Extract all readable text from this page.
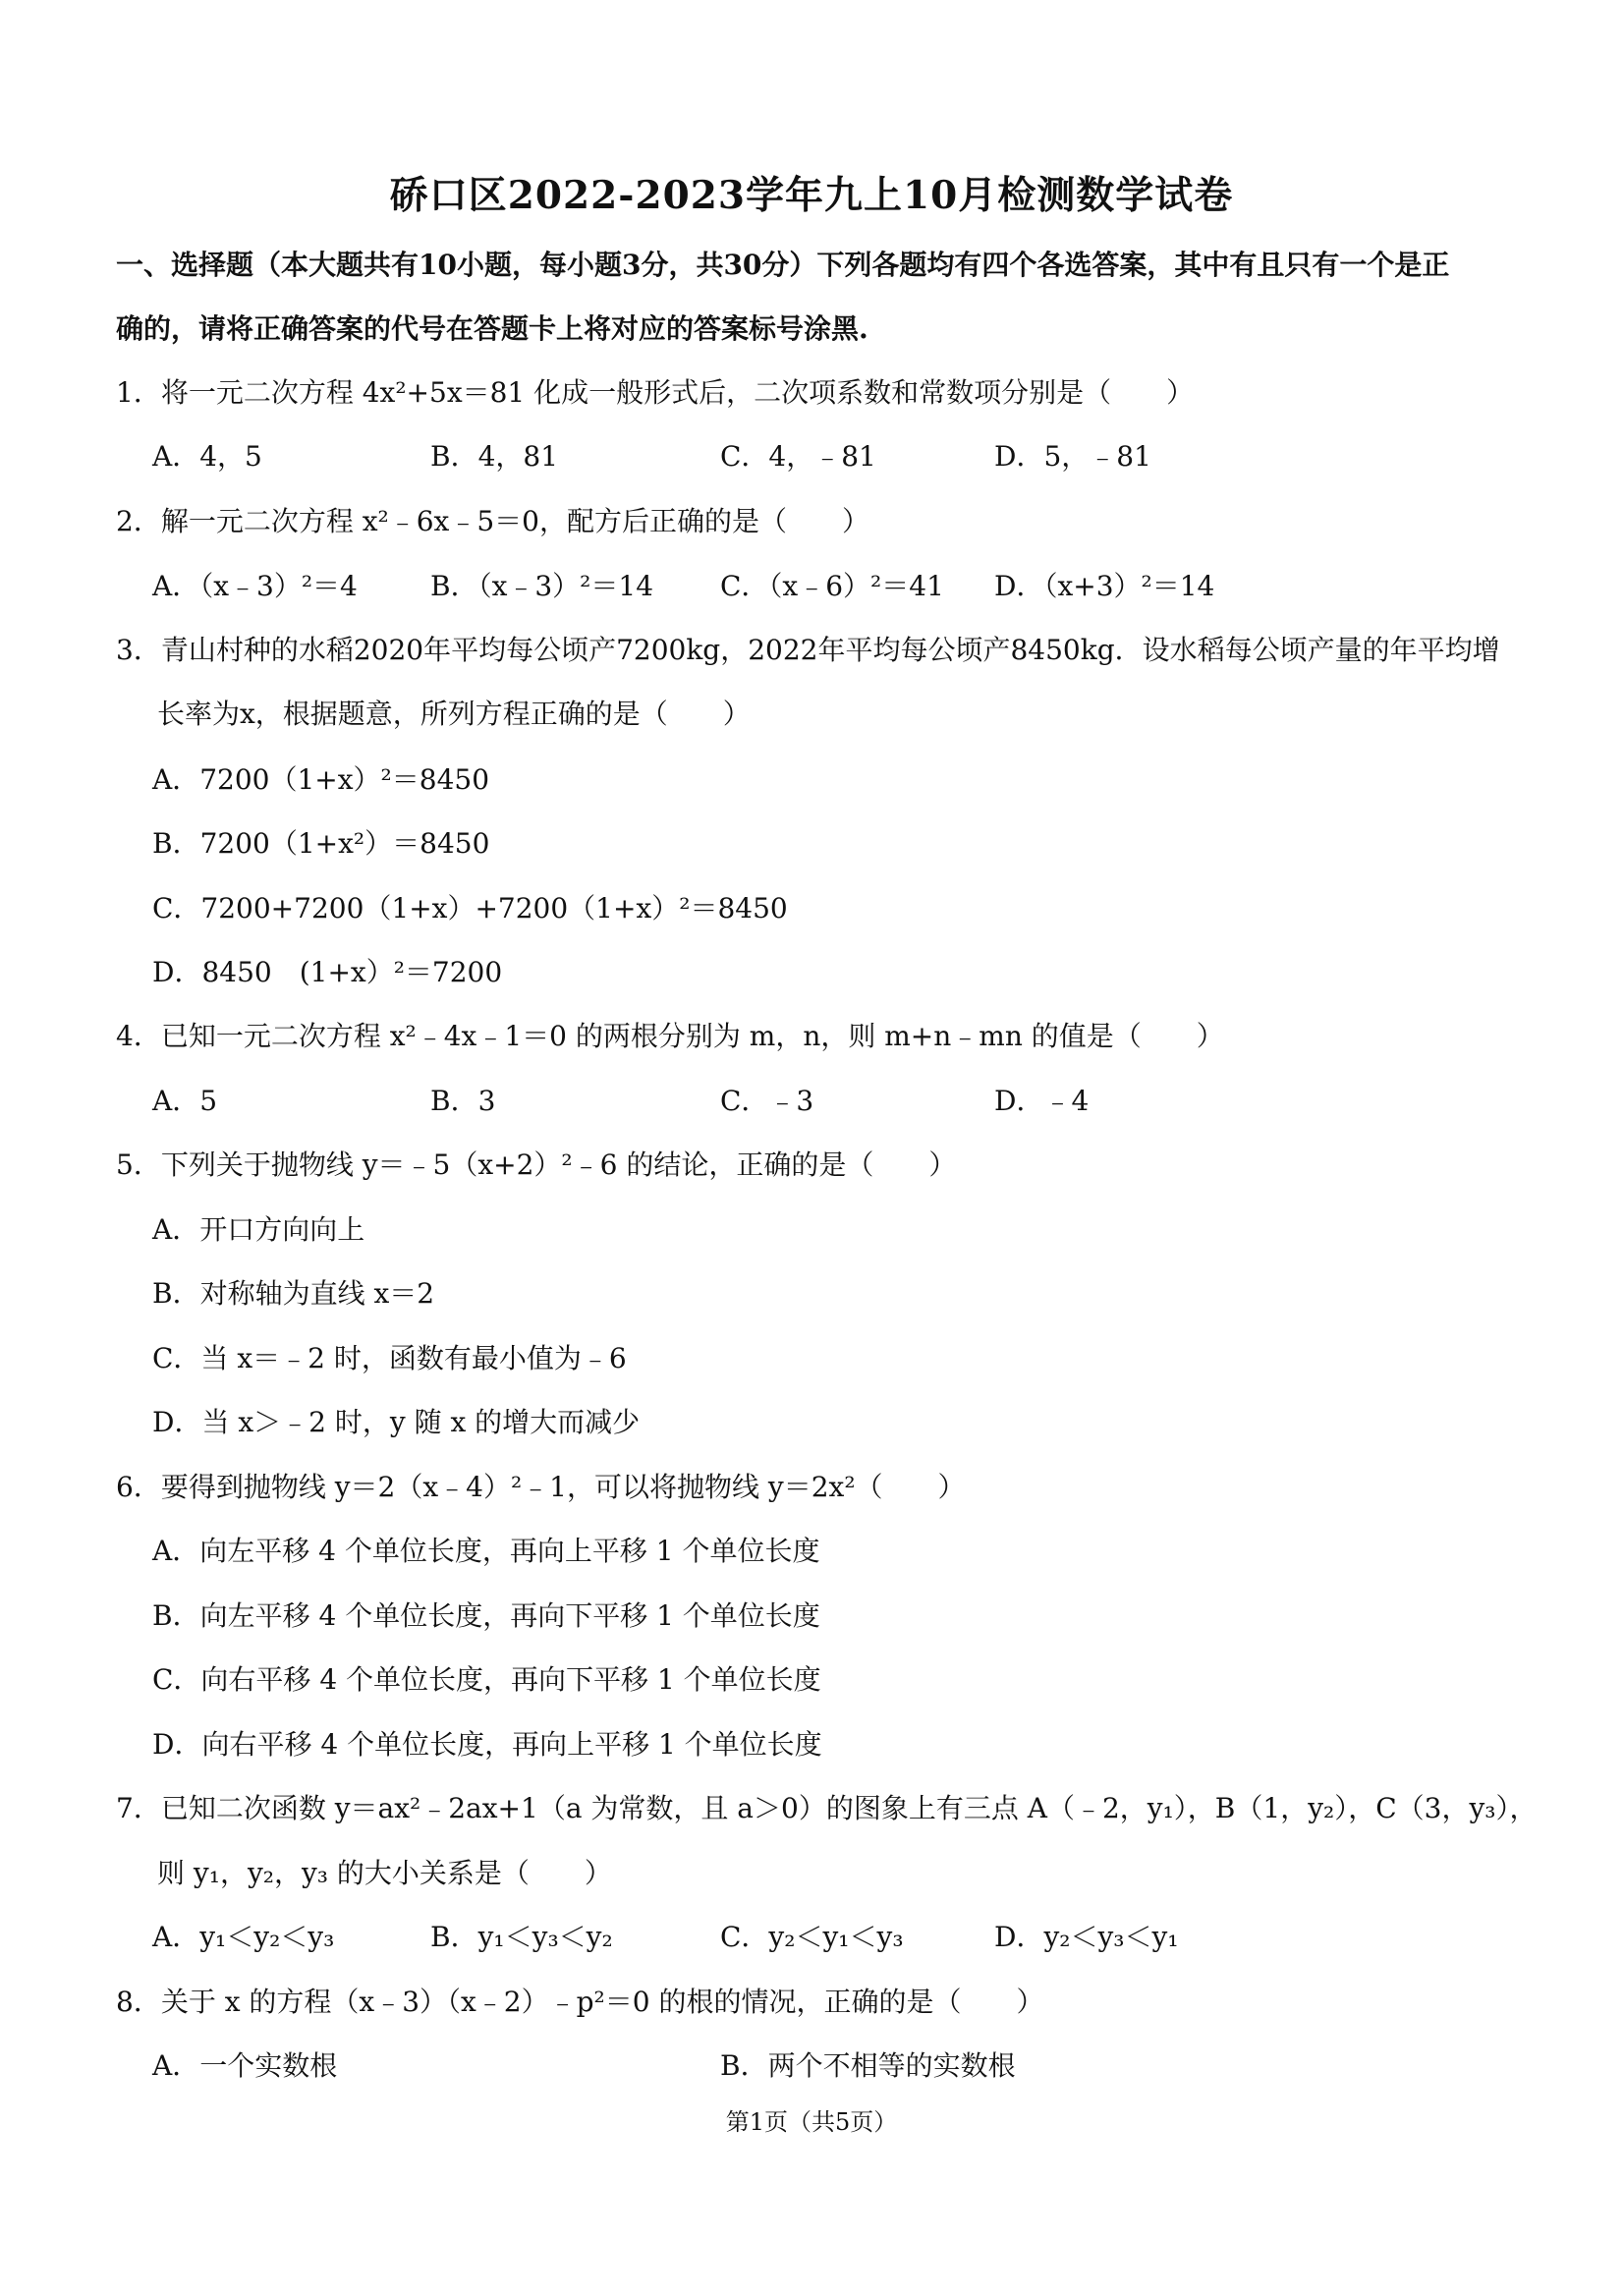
硚口区2022-2023学年九上10月检测数学试卷
一、选择题（本大题共有10小题，每小题3分，共30分）下列各题均有四个各选答案，其中有且只有一个是正
确的，请将正确答案的代号在答题卡上将对应的答案标号涂黑.
1．将一元二次方程 4x²+5x＝81 化成一般形式后，二次项系数和常数项分别是（　　）
A．4，5	B．4，81	C．4，﹣81	D．5，﹣81
2．解一元二次方程 x²﹣6x﹣5＝0，配方后正确的是（　　）
A．（x﹣3）²＝4	B．（x﹣3）²＝14 C．（x﹣6）²＝41 D．（x+3）²＝14
3．青山村种的水稻2020年平均每公顷产7200kg，2022年平均每公顷产8450kg．设水稻每公顷产量的年平均增
长率为x，根据题意，所列方程正确的是（　　）
A．7200（1+x）²＝8450
B．7200（1+x²）＝8450
C．7200+7200（1+x）+7200（1+x）²＝8450
D．8450　(1+x）²＝7200
4．已知一元二次方程 x²﹣4x﹣1＝0 的两根分别为 m，n，则 m+n﹣mn 的值是（　　）
A．5	B．3	C．﹣3	D．﹣4
5．下列关于抛物线 y＝﹣5（x+2）²﹣6 的结论，正确的是（　　）
A．开口方向向上
B．对称轴为直线 x＝2
C．当 x＝﹣2 时，函数有最小值为﹣6
D．当 x＞﹣2 时，y 随 x 的增大而减少
6．要得到抛物线 y＝2（x﹣4）²﹣1，可以将抛物线 y＝2x²（　　）
A．向左平移 4 个单位长度，再向上平移 1 个单位长度
B．向左平移 4 个单位长度，再向下平移 1 个单位长度
C．向右平移 4 个单位长度，再向下平移 1 个单位长度
D．向右平移 4 个单位长度，再向上平移 1 个单位长度
7．已知二次函数 y＝ax²﹣2ax+1（a 为常数，且 a＞0）的图象上有三点 A（﹣2，y₁），B（1，y₂），C（3，y₃），
则 y₁，y₂，y₃ 的大小关系是（　　）
A．y₁＜y₂＜y₃	B．y₁＜y₃＜y₂	C．y₂＜y₁＜y₃	D．y₂＜y₃＜y₁
8．关于 x 的方程（x﹣3）（x﹣2）﹣p²＝0 的根的情况，正确的是（　　）
A．一个实数根	B．两个不相等的实数根
第1页（共5页）
